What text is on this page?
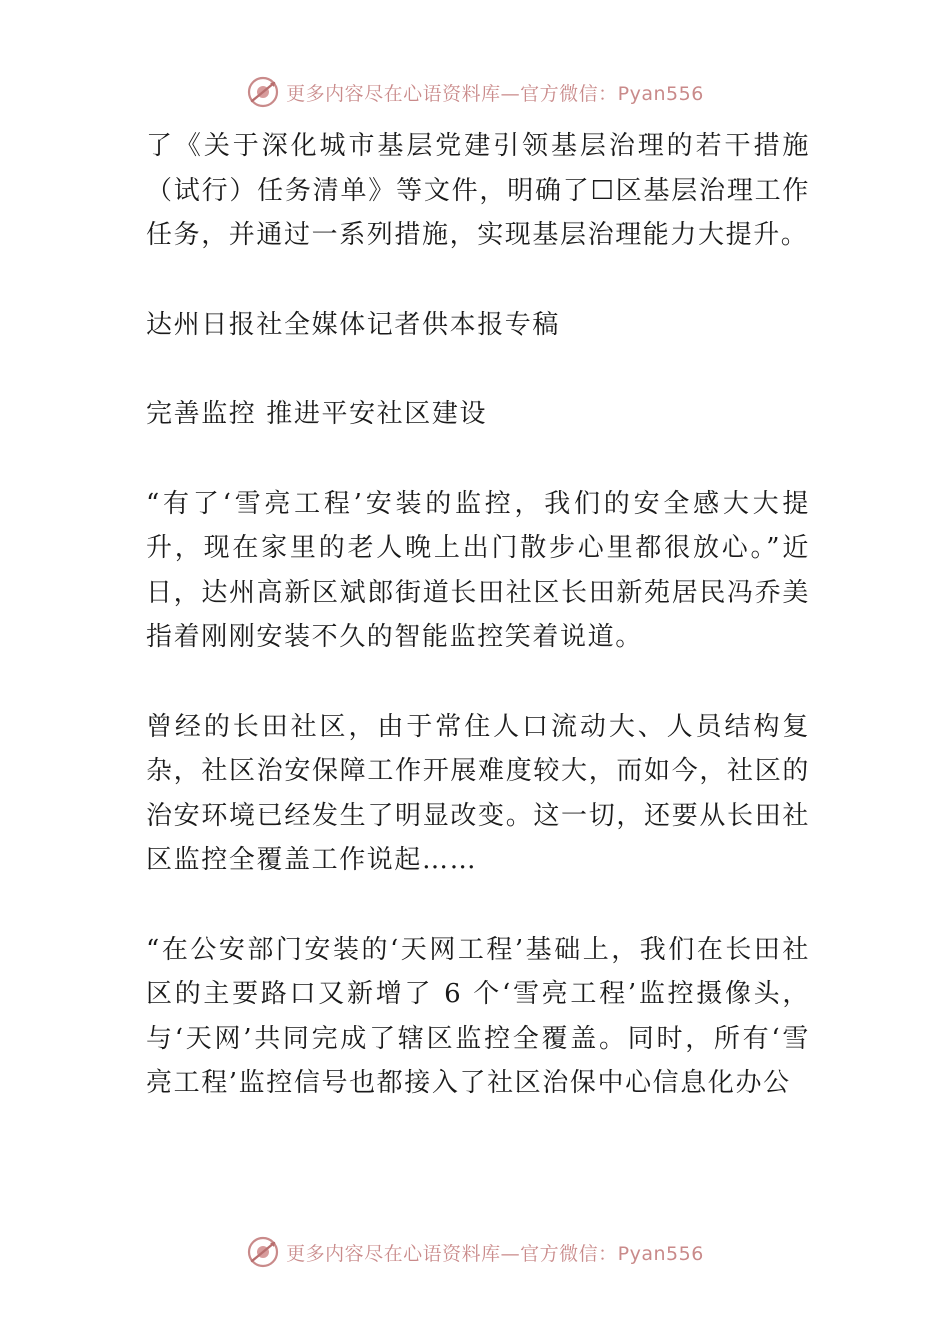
更多内容尽在心语资料库—官方微信：Pyan556

了《关于深化城市基层党建引领基层治理的若干措施（试行）任务清单》等文件，明确了☐区基层治理工作任务，并通过一系列措施，实现基层治理能力大提升。

达州日报社全媒体记者供本报专稿

完善监控 推进平安社区建设

“有了‘雪亮工程’安装的监控，我们的安全感大大提升，现在家里的老人晚上出门散步心里都很放心。”近日，达州高新区斌郎街道长田社区长田新苑居民冯乔美指着刚刚安装不久的智能监控笑着说道。

曾经的长田社区，由于常住人口流动大、人员结构复杂，社区治安保障工作开展难度较大，而如今，社区的治安环境已经发生了明显改变。这一切，还要从长田社区监控全覆盖工作说起……

“在公安部门安装的‘天网工程’基础上，我们在长田社区的主要路口又新增了 6 个‘雪亮工程’监控摄像头，与‘天网’共同完成了辖区监控全覆盖。同时，所有‘雪亮工程’监控信号也都接入了社区治保中心信息化办公

更多内容尽在心语资料库—官方微信：Pyan556
